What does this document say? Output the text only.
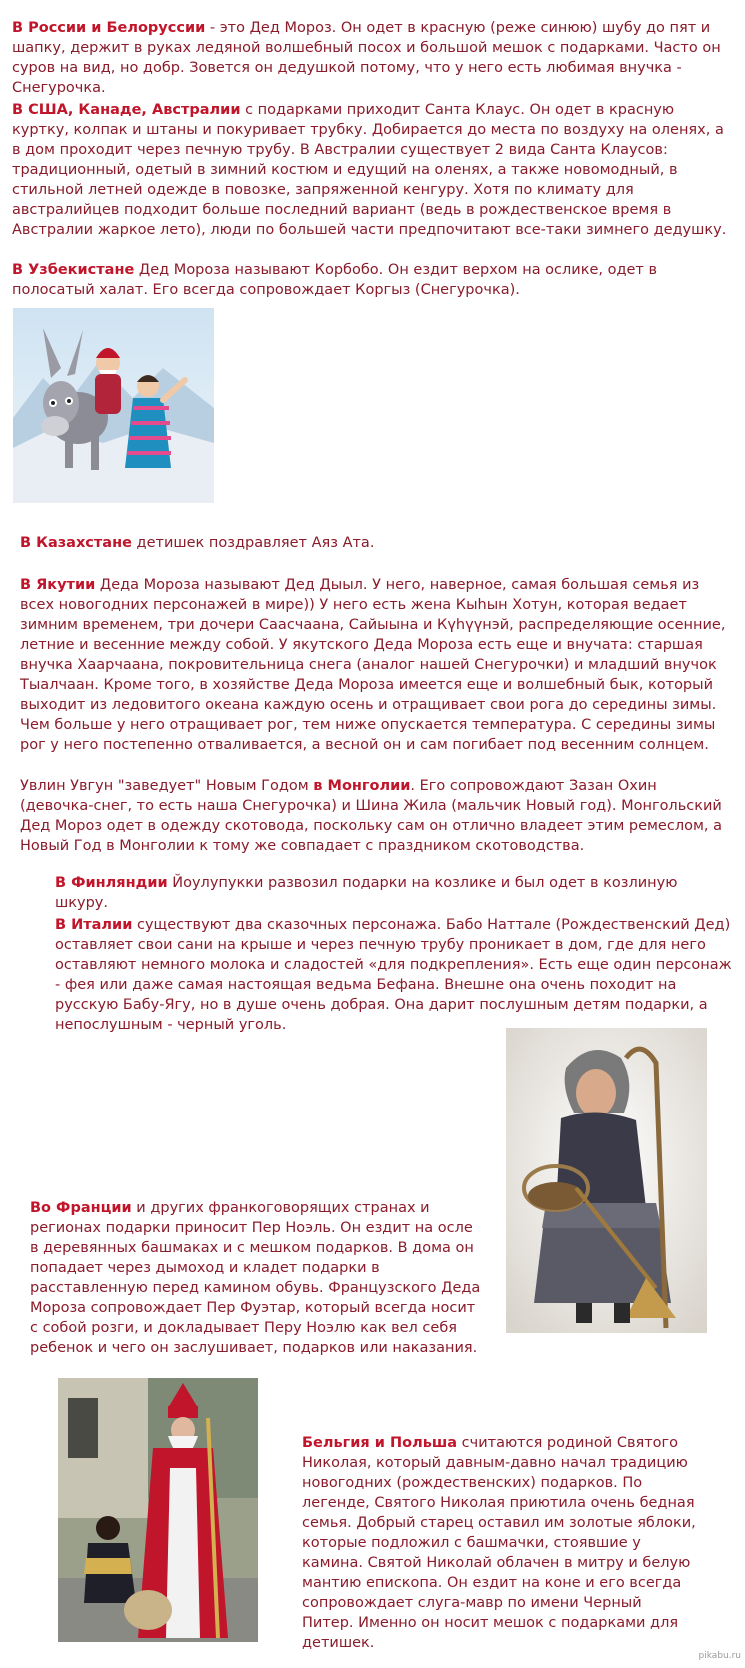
В России и Белоруссии - это Дед Мороз. Он одет в красную (реже синюю) шубу до пят и шапку, держит в руках ледяной волшебный посох и большой мешок с подарками. Часто он суров на вид, но добр. Зовется он дедушкой потому, что у него есть любимая внучка - Снегурочка.

В США, Канаде, Австралии с подарками приходит Санта Клаус. Он одет в красную куртку, колпак и штаны и покуривает трубку. Добирается до места по воздуху на оленях, а в дом проходит через печную трубу. В Австралии существует 2 вида Санта Клаусов: традиционный, одетый в зимний костюм и едущий на оленях, а также новомодный, в стильной летней одежде в повозке, запряженной кенгуру. Хотя по климату для австралийцев подходит больше последний вариант (ведь в рождественское время в Австралии жаркое лето), люди по большей части предпочитают все-таки зимнего дедушку.

В Узбекистане Дед Мороза называют Корбобо. Он ездит верхом на ослике, одет в полосатый халат. Его всегда сопровождает Коргыз (Снегурочка).

В Казахстане детишек поздравляет Аяз Ата.

В Якутии Деда Мороза называют Дед Дыыл. У него, наверное, самая большая семья из всех новогодних персонажей в мире)) У него есть жена Кыhын Хотун, которая ведает зимним временем, три дочери Саасчаана, Сайыына и Күһүүнэй, распределяющие осенние, летние и весенние между собой. У якутского Деда Мороза есть еще и внучата: старшая внучка Хаарчаана, покровительница снега (аналог нашей Снегурочки) и младший внучок Тыалчаан. Кроме того, в хозяйстве Деда Мороза имеется еще и волшебный бык, который выходит из ледовитого океана каждую осень и отращивает свои рога до середины зимы. Чем больше у него отращивает рог, тем ниже опускается температура. С середины зимы рог у него постепенно отваливается, а весной он и сам погибает под весенним солнцем.

Увлин Увгун "заведует" Новым Годом в Монголии. Его сопровождают Зазан Охин (девочка-снег, то есть наша Снегурочка) и Шина Жила (мальчик Новый год). Монгольский Дед Мороз одет в одежду скотовода, поскольку сам он отлично владеет этим ремеслом, а Новый Год в Монголии к тому же совпадает с праздником скотоводства.

В Финляндии Йоулупукки развозил подарки на козлике и был одет в козлиную шкуру.

В Италии существуют два сказочных персонажа. Бабо Наттале (Рождественский Дед) оставляет свои сани на крыше и через печную трубу проникает в дом, где для него оставляют немного молока и сладостей «для подкрепления». Есть еще один персонаж - фея или даже самая настоящая ведьма Бефана. Внешне она очень походит на русскую Бабу-Ягу, но в душе очень добрая. Она дарит послушным детям подарки, а непослушным - черный уголь.

Во Франции и других франкоговорящих странах и регионах подарки приносит Пер Ноэль. Он ездит на осле в деревянных башмаках и с мешком подарков. В дома он попадает через дымоход и кладет подарки в расставленную перед камином обувь. Французского Деда Мороза сопровождает Пер Фуэтар, который всегда носит с собой розги, и докладывает Перу Ноэлю как вел себя ребенок и чего он заслушивает, подарков или наказания.

Бельгия и Польша считаются родиной Святого Николая, который давным-давно начал традицию новогодних (рождественских) подарков. По легенде, Святого Николая приютила очень бедная семья. Добрый старец оставил им золотые яблоки, которые подложил с башмачки, стоявшие у камина. Святой Николай облачен в митру и белую мантию епископа. Он ездит на коне и его всегда сопровождает слуга-мавр по имени Черный Питер. Именно он носит мешок с подарками для детишек.

pikabu.ru
